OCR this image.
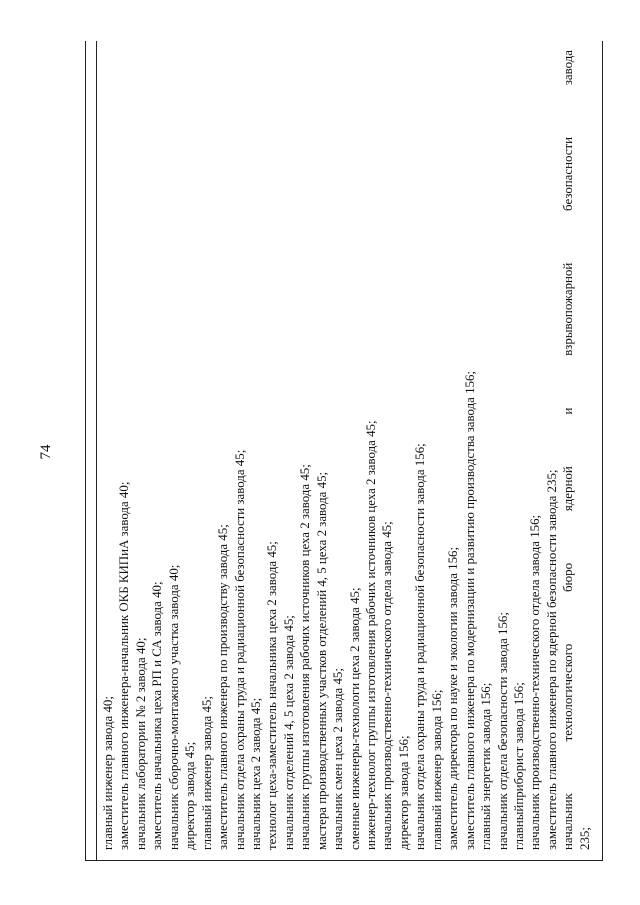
74
главный инженер завода 40; заместитель главного инженера-начальник ОКБ КИПиА завода 40; начальник лаборатории № 2 завода 40; заместитель начальника цеха РП и СА завода 40; начальник сборочно-монтажного участка завода 40; директор завода 45; главный инженер завода 45; заместитель главного инженера по производству завода 45; начальник отдела охраны труда и радиационной безопасности завода 45; начальник цеха 2 завода 45; технолог цеха-заместитель начальника цеха 2 завода 45; начальник отделений 4, 5 цеха 2 завода 45; начальник группы изготовления рабочих источников цеха 2 завода 45; мастера производственных участков отделений 4, 5 цеха 2 завода 45; начальник смен цеха 2 завода 45; сменные инженеры-технологи цеха 2 завода 45; инженер-технолог группы изготовления рабочих источников цеха 2 завода 45; начальник производственно-технического отдела завода 45; директор завода 156; начальник отдела охраны труда и радиационной безопасности завода 156; главный инженер завода 156; заместитель директора по науке и экологии завода 156; заместитель главного инженера по модернизации и развитию производства завода 156; главный энергетик завода 156; начальник отдела безопасности завода 156; главныйприборист завода 156; начальник производственно-технического отдела завода 156; заместитель главного инженера по ядерной безопасности завода 235; начальник технологического бюро ядерной и взрывопожарной безопасности завода 235;
